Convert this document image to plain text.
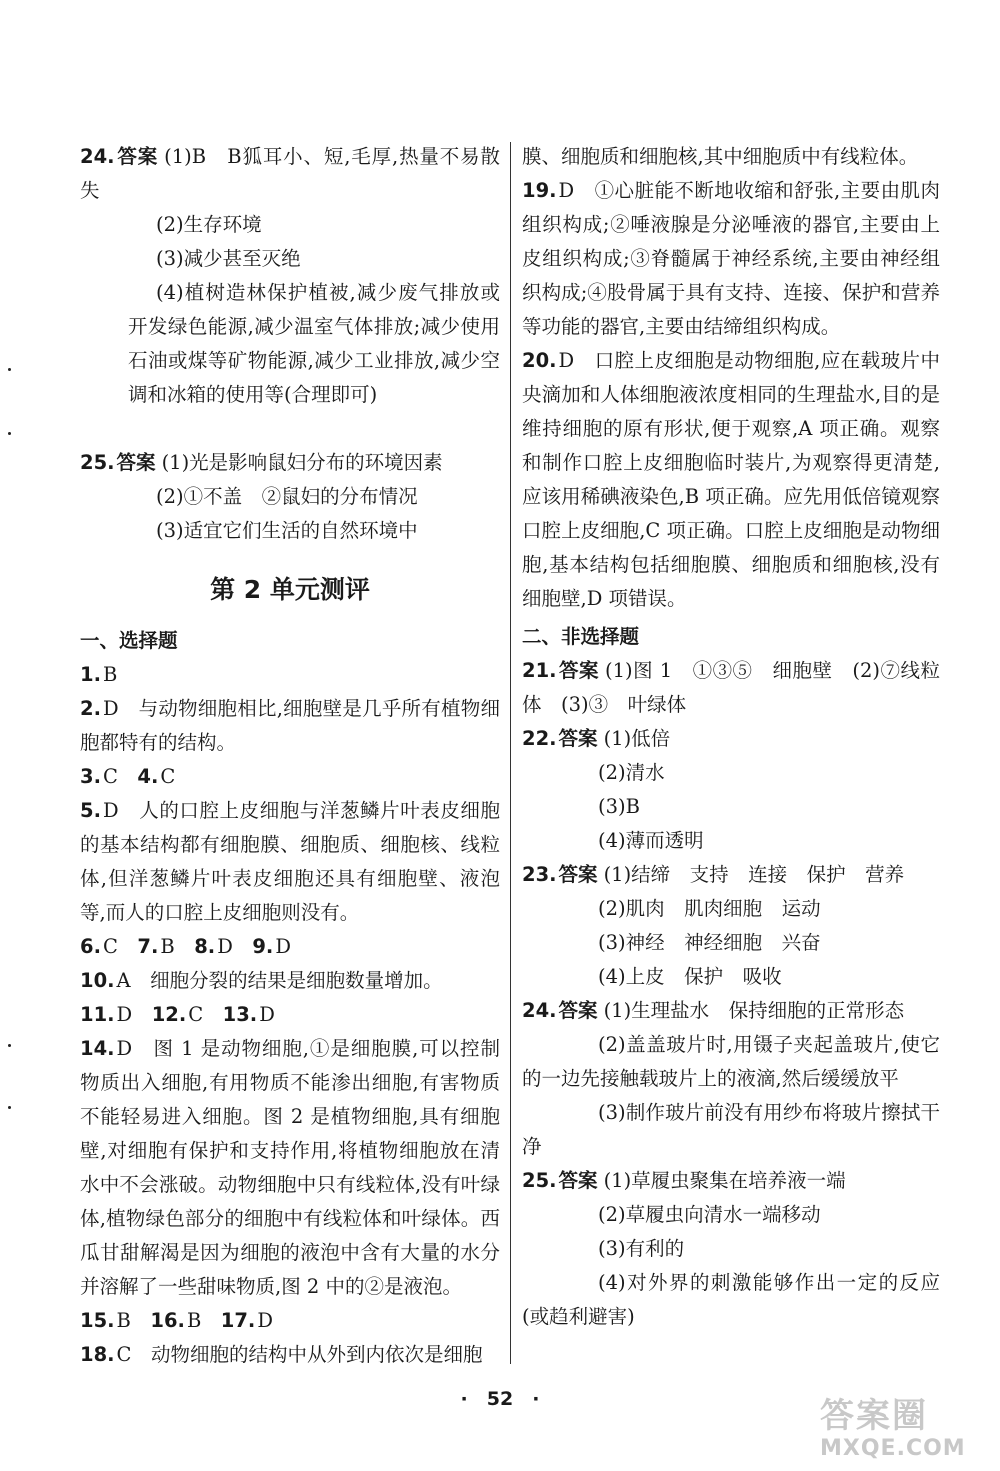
24. 答案 (1)B　B狐耳小、短,毛厚,热量不易散失

(2)生存环境

(3)减少甚至灭绝

(4)植树造林保护植被,减少废气排放或开发绿色能源,减少温室气体排放;减少使用石油或煤等矿物能源,减少工业排放,减少空调和冰箱的使用等(合理即可)

25. 答案 (1)光是影响鼠妇分布的环境因素

(2)①不盖　②鼠妇的分布情况

(3)适宜它们生活的自然环境中

第 2 单元测评
一、选择题

1. B

2. D　与动物细胞相比,细胞壁是几乎所有植物细胞都特有的结构。

3. C　4. C

5. D　人的口腔上皮细胞与洋葱鳞片叶表皮细胞的基本结构都有细胞膜、细胞质、细胞核、线粒体,但洋葱鳞片叶表皮细胞还具有细胞壁、液泡等,而人的口腔上皮细胞则没有。

6. C　7. B　8. D　9. D

10. A　细胞分裂的结果是细胞数量增加。

11. D　12. C　13. D

14. D　图 1 是动物细胞,①是细胞膜,可以控制物质出入细胞,有用物质不能渗出细胞,有害物质不能轻易进入细胞。图 2 是植物细胞,具有细胞壁,对细胞有保护和支持作用,将植物细胞放在清水中不会涨破。动物细胞中只有线粒体,没有叶绿体,植物绿色部分的细胞中有线粒体和叶绿体。西瓜甘甜解渴是因为细胞的液泡中含有大量的水分并溶解了一些甜味物质,图 2 中的②是液泡。

15. B　16. B　17. D

18. C　动物细胞的结构中从外到内依次是细胞

膜、细胞质和细胞核,其中细胞质中有线粒体。

19. D　①心脏能不断地收缩和舒张,主要由肌肉组织构成;②唾液腺是分泌唾液的器官,主要由上皮组织构成;③脊髓属于神经系统,主要由神经组织构成;④股骨属于具有支持、连接、保护和营养等功能的器官,主要由结缔组织构成。

20. D　口腔上皮细胞是动物细胞,应在载玻片中央滴加和人体细胞液浓度相同的生理盐水,目的是维持细胞的原有形状,便于观察,A 项正确。观察和制作口腔上皮细胞临时装片,为观察得更清楚,应该用稀碘液染色,B 项正确。应先用低倍镜观察口腔上皮细胞,C 项正确。口腔上皮细胞是动物细胞,基本结构包括细胞膜、细胞质和细胞核,没有细胞壁,D 项错误。

二、非选择题

21. 答案 (1)图 1　①③⑤　细胞壁　(2)⑦线粒体　(3)③　叶绿体

22. 答案 (1)低倍

(2)清水

(3)B

(4)薄而透明

23. 答案 (1)结缔　支持　连接　保护　营养

(2)肌肉　肌肉细胞　运动

(3)神经　神经细胞　兴奋

(4)上皮　保护　吸收

24. 答案 (1)生理盐水　保持细胞的正常形态

(2)盖盖玻片时,用镊子夹起盖玻片,使它的一边先接触载玻片上的液滴,然后缓缓放平

(3)制作玻片前没有用纱布将玻片擦拭干净

25. 答案 (1)草履虫聚集在培养液一端

(2)草履虫向清水一端移动

(3)有利的

(4)对外界的刺激能够作出一定的反应(或趋利避害)

·　52　·	答案圈
MXQE.COM
